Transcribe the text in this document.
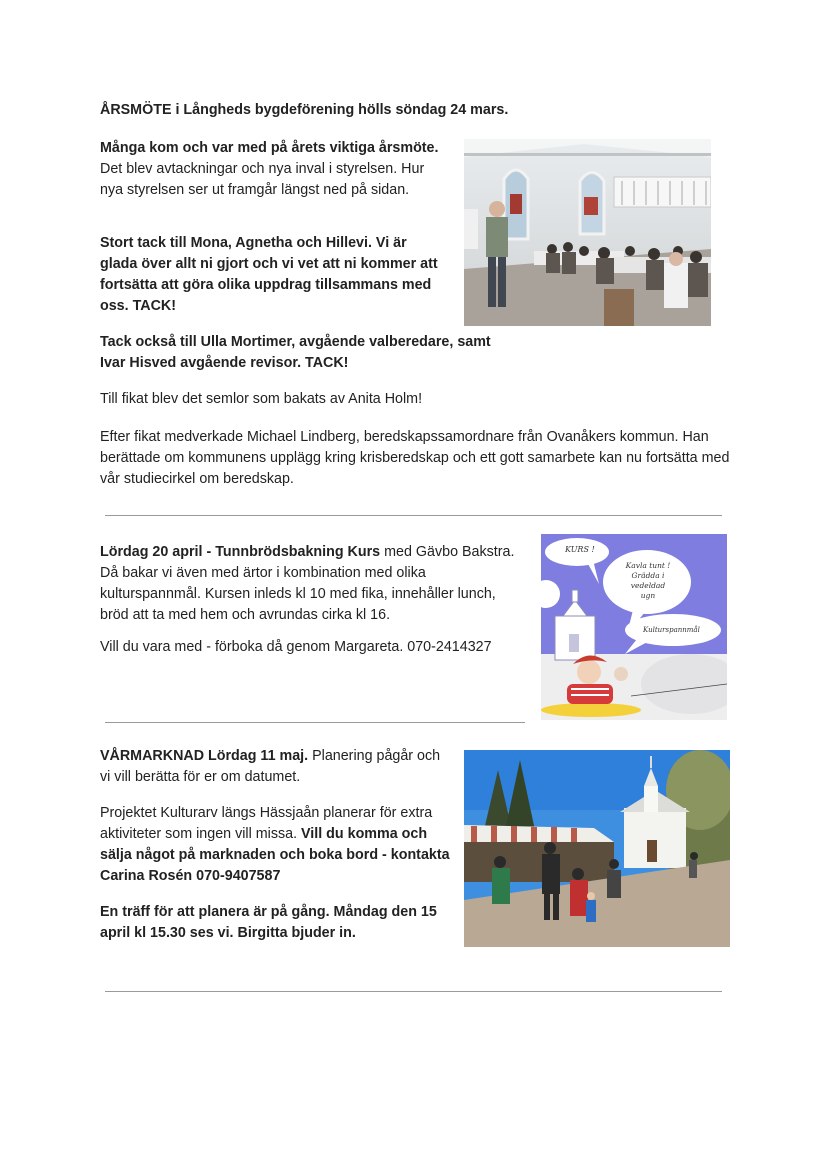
ÅRSMÖTE i Långheds bygdeförening hölls söndag 24 mars.

Många kom och var med på årets viktiga årsmöte. Det blev avtackningar och nya inval i styrelsen. Hur nya styrelsen ser ut framgår längst ned på sidan.

Stort tack till Mona, Agnetha och Hillevi. Vi är glada över allt ni gjort och vi vet att ni kommer att fortsätta att göra olika uppdrag tillsammans med oss. TACK!

Tack också till Ulla Mortimer, avgående valberedare, samt Ivar Hisved avgående revisor. TACK!

Till fikat blev det semlor som bakats av Anita Holm!

Efter fikat medverkade Michael Lindberg, beredskapssamordnare från Ovanåkers kommun. Han berättade om kommunens upplägg kring krisberedskap och ett gott samarbete kan nu fortsätta med vår studiecirkel om beredskap.

Lördag 20 april - Tunnbrödsbakning Kurs med Gävbo Bakstra. Då bakar vi även med ärtor i kombination med olika kulturspannmål. Kursen inleds kl 10 med fika, innehåller lunch, bröd att ta med hem och avrundas cirka kl 16.

Vill du vara med - förboka då genom Margareta. 070-2414327

KURS !
Kavla tunt !
Grädda i
vedeldad
ugn
Kulturspannmål

VÅRMARKNAD Lördag 11 maj. Planering pågår och vi vill berätta för er om datumet.

Projektet Kulturarv längs Hässjaån planerar för extra aktiviteter som ingen vill missa. Vill du komma och sälja något på marknaden och boka bord - kontakta Carina Rosén 070-9407587

En träff för att planera är på gång. Måndag den 15 april kl 15.30 ses vi. Birgitta bjuder in.
